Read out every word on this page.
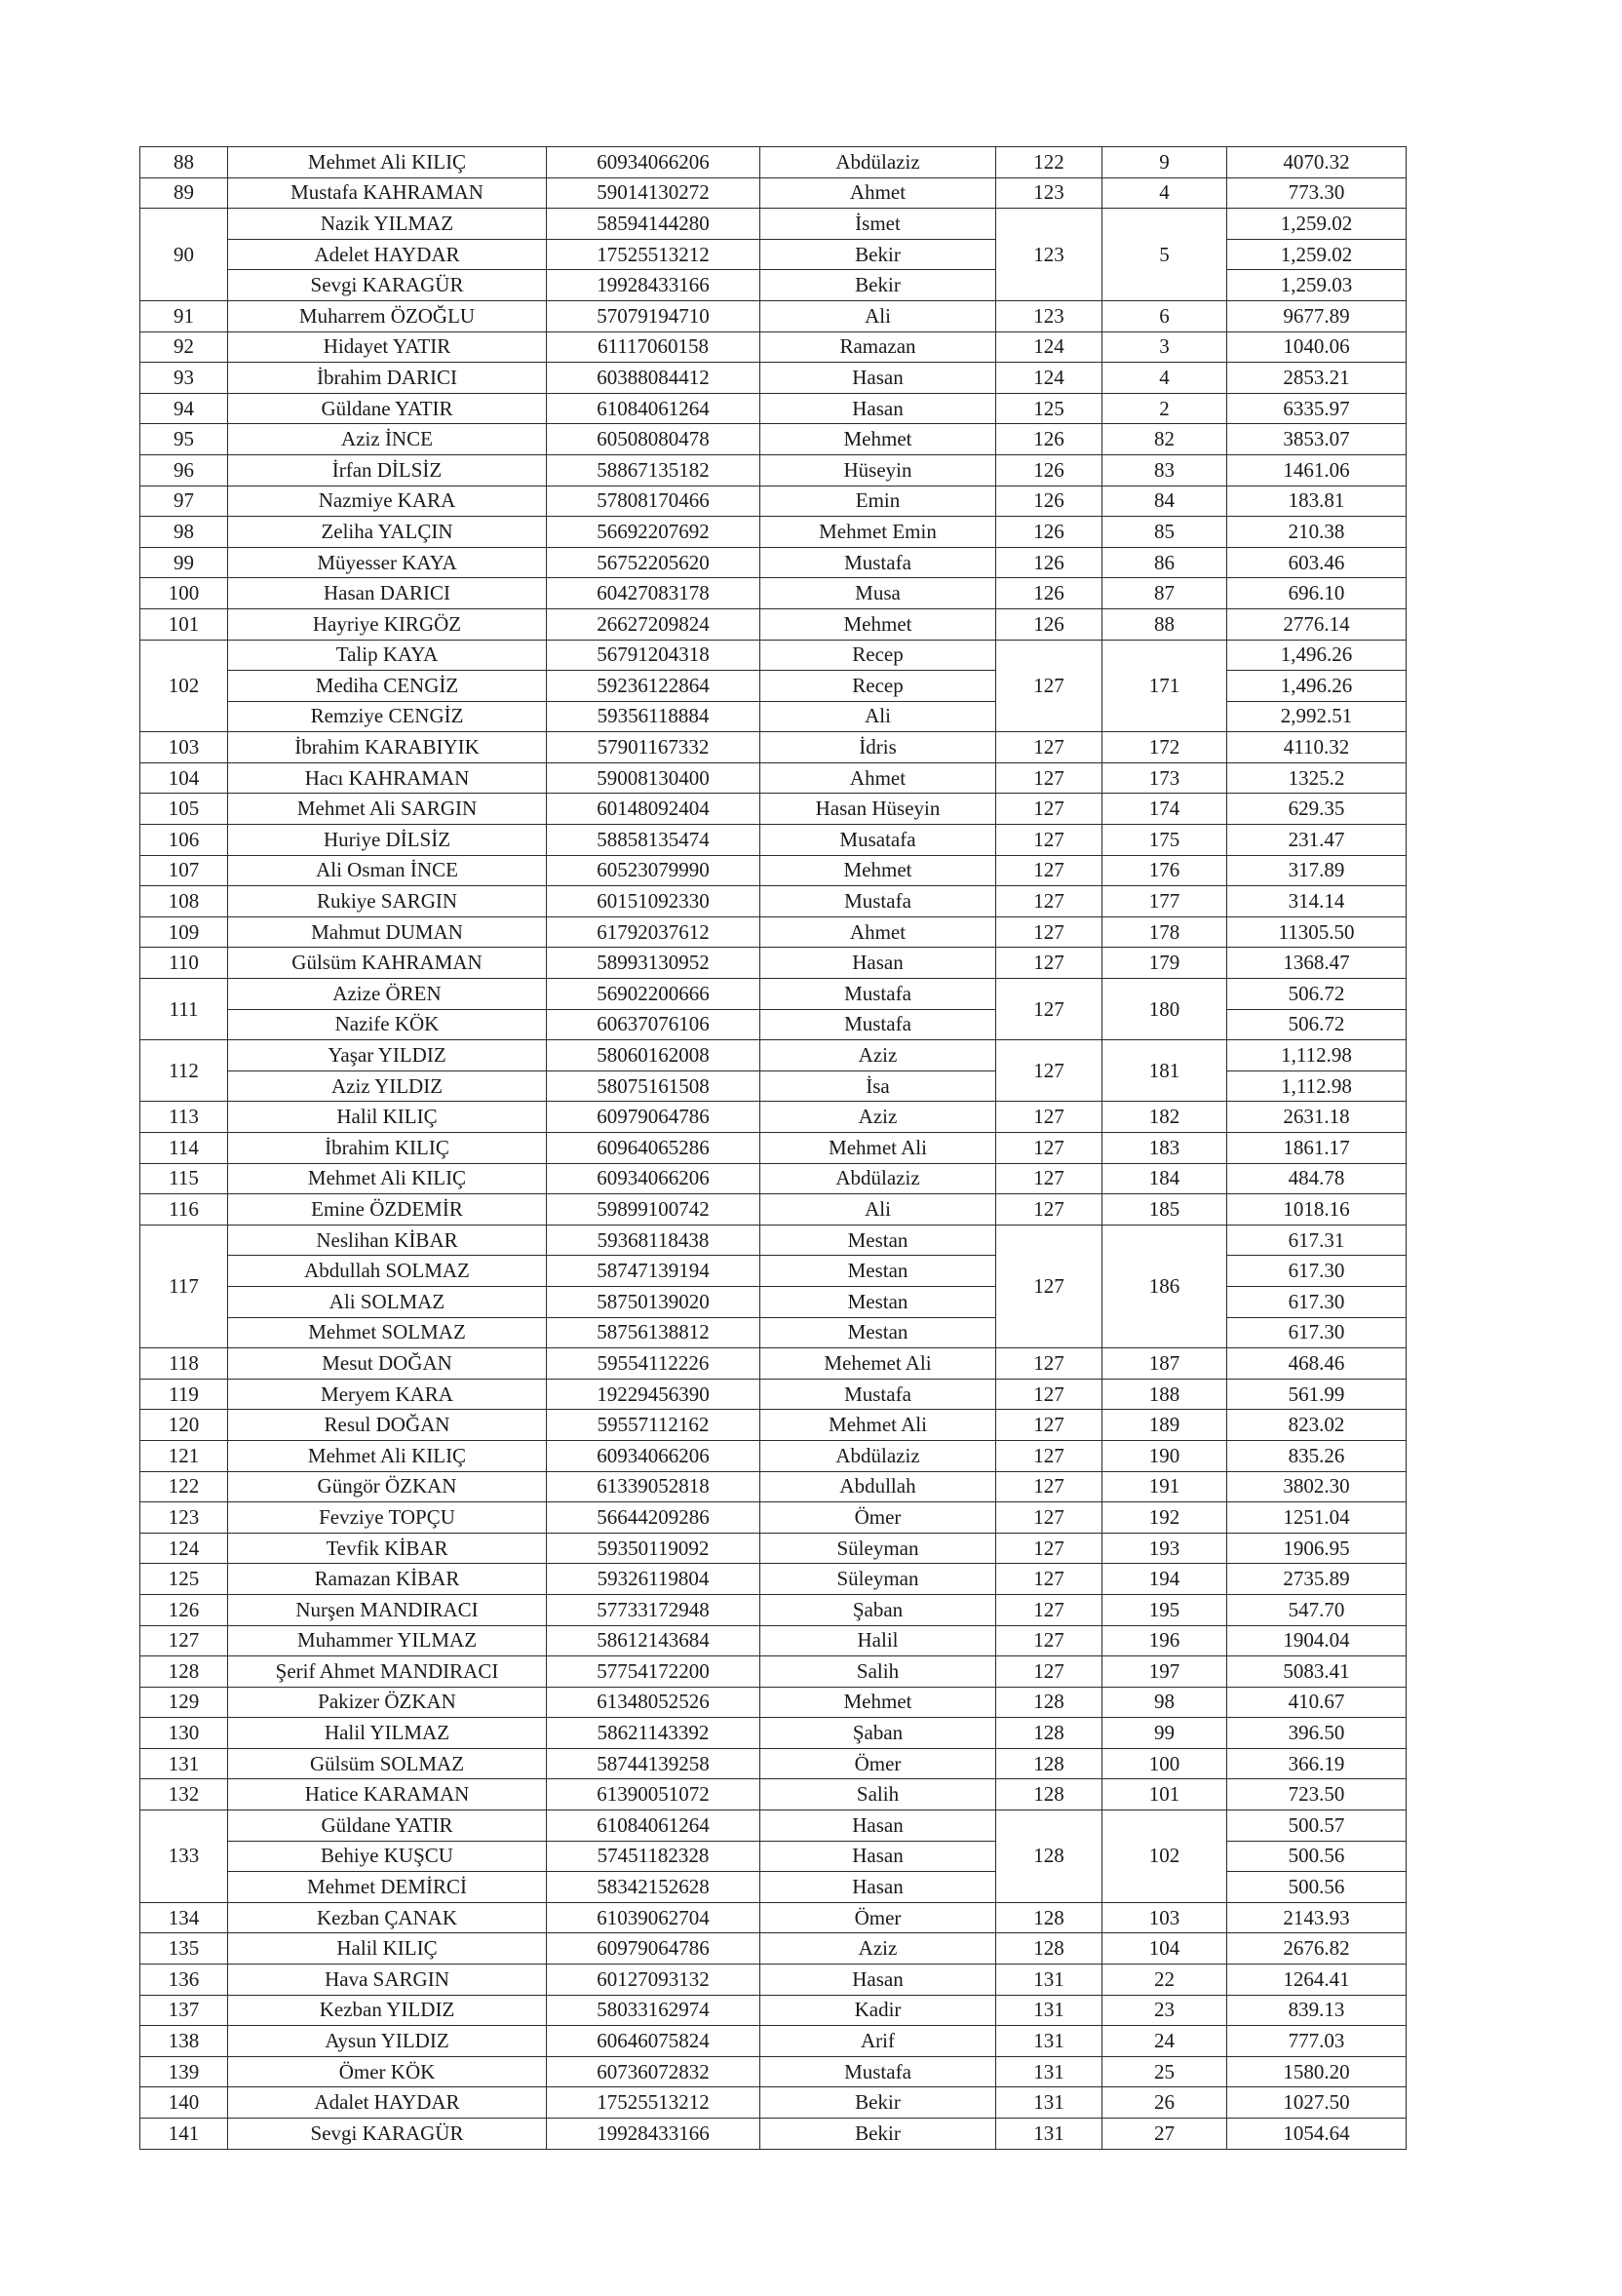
88	Mehmet Ali KILIÇ	60934066206	Abdülaziz	122	9	4070.32
89	Mustafa KAHRAMAN	59014130272	Ahmet	123	4	773.30
90	Nazik YILMAZ	58594144280	İsmet	123	5	1,259.02
	Adelet HAYDAR	17525513212	Bekir			1,259.02
	Sevgi KARAGÜR	19928433166	Bekir			1,259.03
91	Muharrem ÖZOĞLU	57079194710	Ali	123	6	9677.89
92	Hidayet YATIR	61117060158	Ramazan	124	3	1040.06
93	İbrahim DARICI	60388084412	Hasan	124	4	2853.21
94	Güldane YATIR	61084061264	Hasan	125	2	6335.97
95	Aziz İNCE	60508080478	Mehmet	126	82	3853.07
96	İrfan DİLSİZ	58867135182	Hüseyin	126	83	1461.06
97	Nazmiye KARA	57808170466	Emin	126	84	183.81
98	Zeliha YALÇIN	56692207692	Mehmet Emin	126	85	210.38
99	Müyesser KAYA	56752205620	Mustafa	126	86	603.46
100	Hasan DARICI	60427083178	Musa	126	87	696.10
101	Hayriye KIRGÖZ	26627209824	Mehmet	126	88	2776.14
102	Talip KAYA	56791204318	Recep	127	171	1,496.26
	Mediha CENGİZ	59236122864	Recep			1,496.26
	Remziye CENGİZ	59356118884	Ali			2,992.51
103	İbrahim KARABIYIK	57901167332	İdris	127	172	4110.32
104	Hacı KAHRAMAN	59008130400	Ahmet	127	173	1325.2
105	Mehmet Ali SARGIN	60148092404	Hasan Hüseyin	127	174	629.35
106	Huriye DİLSİZ	58858135474	Musatafa	127	175	231.47
107	Ali Osman İNCE	60523079990	Mehmet	127	176	317.89
108	Rukiye SARGIN	60151092330	Mustafa	127	177	314.14
109	Mahmut DUMAN	61792037612	Ahmet	127	178	11305.50
110	Gülsüm KAHRAMAN	58993130952	Hasan	127	179	1368.47
111	Azize ÖREN	56902200666	Mustafa	127	180	506.72
	Nazife KÖK	60637076106	Mustafa			506.72
112	Yaşar YILDIZ	58060162008	Aziz	127	181	1,112.98
	Aziz YILDIZ	58075161508	İsa			1,112.98
113	Halil KILIÇ	60979064786	Aziz	127	182	2631.18
114	İbrahim KILIÇ	60964065286	Mehmet Ali	127	183	1861.17
115	Mehmet Ali KILIÇ	60934066206	Abdülaziz	127	184	484.78
116	Emine ÖZDEMİR	59899100742	Ali	127	185	1018.16
117	Neslihan KİBAR	59368118438	Mestan	127	186	617.31
	Abdullah SOLMAZ	58747139194	Mestan			617.30
	Ali SOLMAZ	58750139020	Mestan			617.30
	Mehmet SOLMAZ	58756138812	Mestan			617.30
118	Mesut DOĞAN	59554112226	Mehemet Ali	127	187	468.46
119	Meryem KARA	19229456390	Mustafa	127	188	561.99
120	Resul DOĞAN	59557112162	Mehmet Ali	127	189	823.02
121	Mehmet Ali KILIÇ	60934066206	Abdülaziz	127	190	835.26
122	Güngör ÖZKAN	61339052818	Abdullah	127	191	3802.30
123	Fevziye TOPÇU	56644209286	Ömer	127	192	1251.04
124	Tevfik KİBAR	59350119092	Süleyman	127	193	1906.95
125	Ramazan KİBAR	59326119804	Süleyman	127	194	2735.89
126	Nurşen MANDIRACI	57733172948	Şaban	127	195	547.70
127	Muhammer YILMAZ	58612143684	Halil	127	196	1904.04
128	Şerif Ahmet MANDIRACI	57754172200	Salih	127	197	5083.41
129	Pakizer ÖZKAN	61348052526	Mehmet	128	98	410.67
130	Halil YILMAZ	58621143392	Şaban	128	99	396.50
131	Gülsüm SOLMAZ	58744139258	Ömer	128	100	366.19
132	Hatice KARAMAN	61390051072	Salih	128	101	723.50
133	Güldane YATIR	61084061264	Hasan	128	102	500.57
	Behiye KUŞCU	57451182328	Hasan			500.56
	Mehmet DEMİRCİ	58342152628	Hasan			500.56
134	Kezban ÇANAK	61039062704	Ömer	128	103	2143.93
135	Halil KILIÇ	60979064786	Aziz	128	104	2676.82
136	Hava SARGIN	60127093132	Hasan	131	22	1264.41
137	Kezban YILDIZ	58033162974	Kadir	131	23	839.13
138	Aysun YILDIZ	60646075824	Arif	131	24	777.03
139	Ömer KÖK	60736072832	Mustafa	131	25	1580.20
140	Adalet HAYDAR	17525513212	Bekir	131	26	1027.50
141	Sevgi KARAGÜR	19928433166	Bekir	131	27	1054.64
